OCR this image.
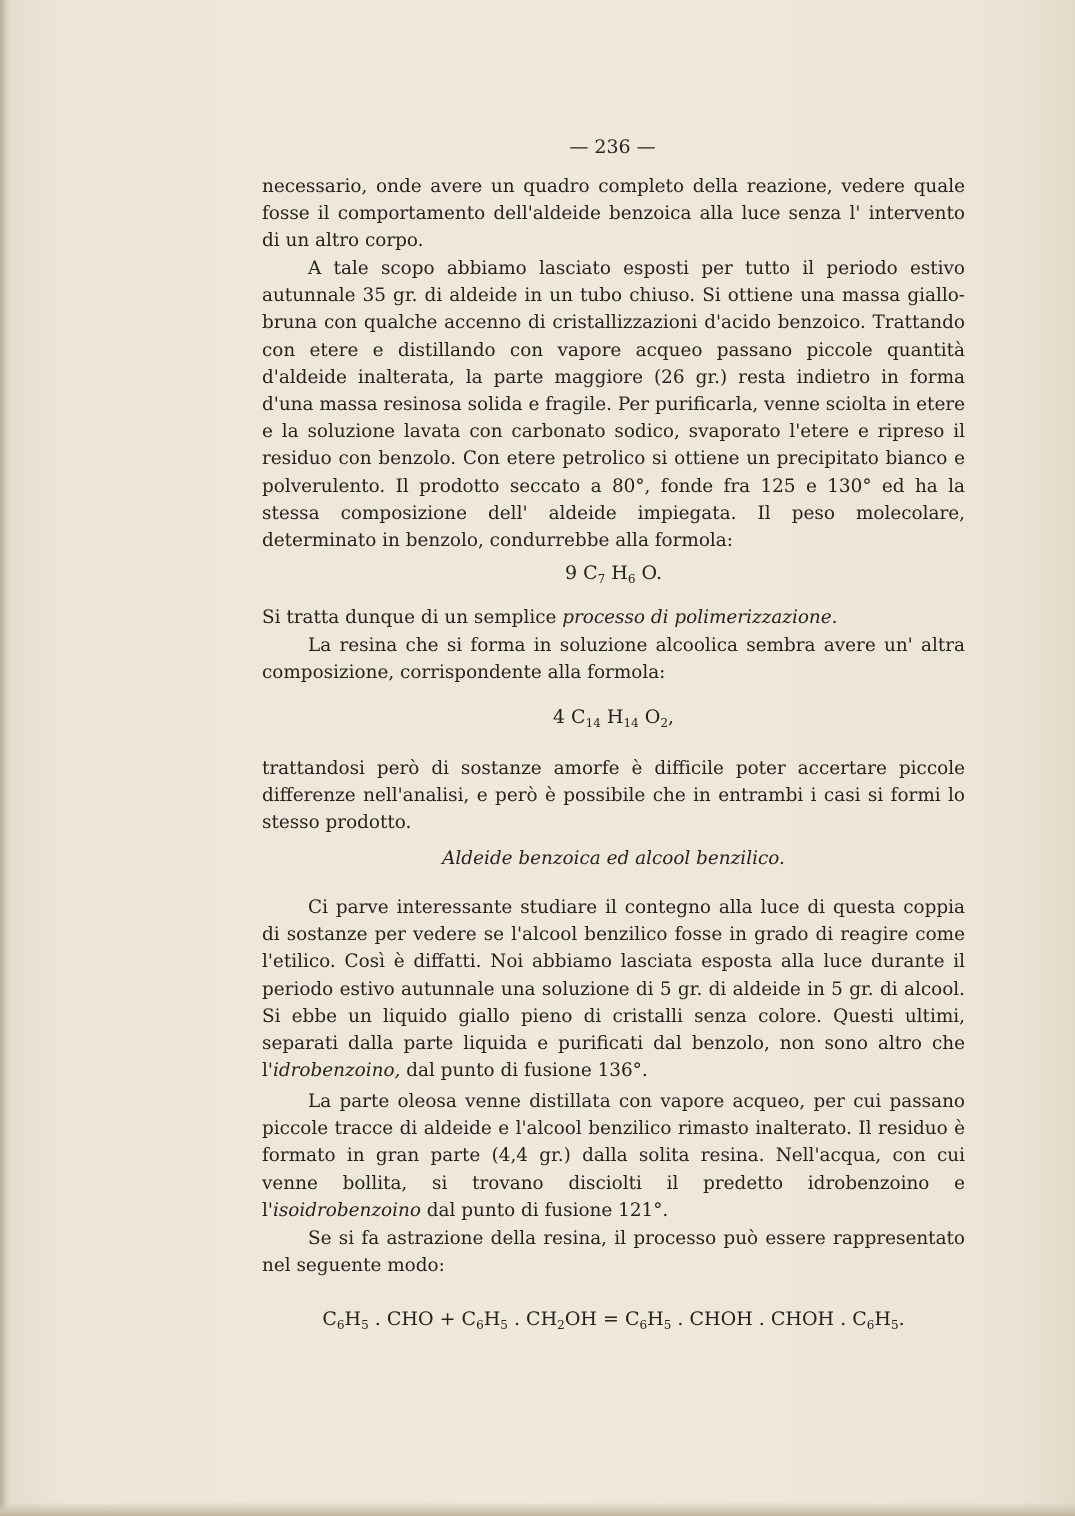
— 236 —

necessario, onde avere un quadro completo della reazione, vedere quale fosse il comportamento dell'aldeide benzoica alla luce senza l' intervento di un altro corpo.

A tale scopo abbiamo lasciato esposti per tutto il periodo estivo autunnale 35 gr. di aldeide in un tubo chiuso. Si ottiene una massa giallo-bruna con qualche accenno di cristallizzazioni d'acido benzoico. Trattando con etere e distillando con vapore acqueo passano piccole quantità d'aldeide inalterata, la parte maggiore (26 gr.) resta indietro in forma d'una massa resinosa solida e fragile. Per purificarla, venne sciolta in etere e la soluzione lavata con carbonato sodico, svaporato l'etere e ripreso il residuo con benzolo. Con etere petrolico si ottiene un precipitato bianco e polverulento. Il prodotto seccato a 80°, fonde fra 125 e 130° ed ha la stessa composizione dell' aldeide impiegata. Il peso molecolare, determinato in benzolo, condurrebbe alla formola:

9 $C_7$ $H_6$ O.

Si tratta dunque di un semplice processo di polimerizzazione.

La resina che si forma in soluzione alcoolica sembra avere un' altra composizione, corrispondente alla formola:

4 $C_{14}$ $H_{14}$ $O_2$,

trattandosi però di sostanze amorfe è difficile poter accertare piccole differenze nell'analisi, e però è possibile che in entrambi i casi si formi lo stesso prodotto.

Aldeide benzoica ed alcool benzilico.

Ci parve interessante studiare il contegno alla luce di questa coppia di sostanze per vedere se l'alcool benzilico fosse in grado di reagire come l'etilico. Così è diffatti. Noi abbiamo lasciata esposta alla luce durante il periodo estivo autunnale una soluzione di 5 gr. di aldeide in 5 gr. di alcool. Si ebbe un liquido giallo pieno di cristalli senza colore. Questi ultimi, separati dalla parte liquida e purificati dal benzolo, non sono altro che l'idrobenzoino, dal punto di fusione 136°.

La parte oleosa venne distillata con vapore acqueo, per cui passano piccole tracce di aldeide e l'alcool benzilico rimasto inalterato. Il residuo è formato in gran parte (4,4 gr.) dalla solita resina. Nell'acqua, con cui venne bollita, si trovano disciolti il predetto idrobenzoino e l'isoidrobenzoino dal punto di fusione 121°.

Se si fa astrazione della resina, il processo può essere rappresentato nel seguente modo:

$C_6H_5$ . CHO + $C_6H_5$ . $CH_2OH = C_6H_5$ . CHOH . CHOH . $C_6H_5$.
